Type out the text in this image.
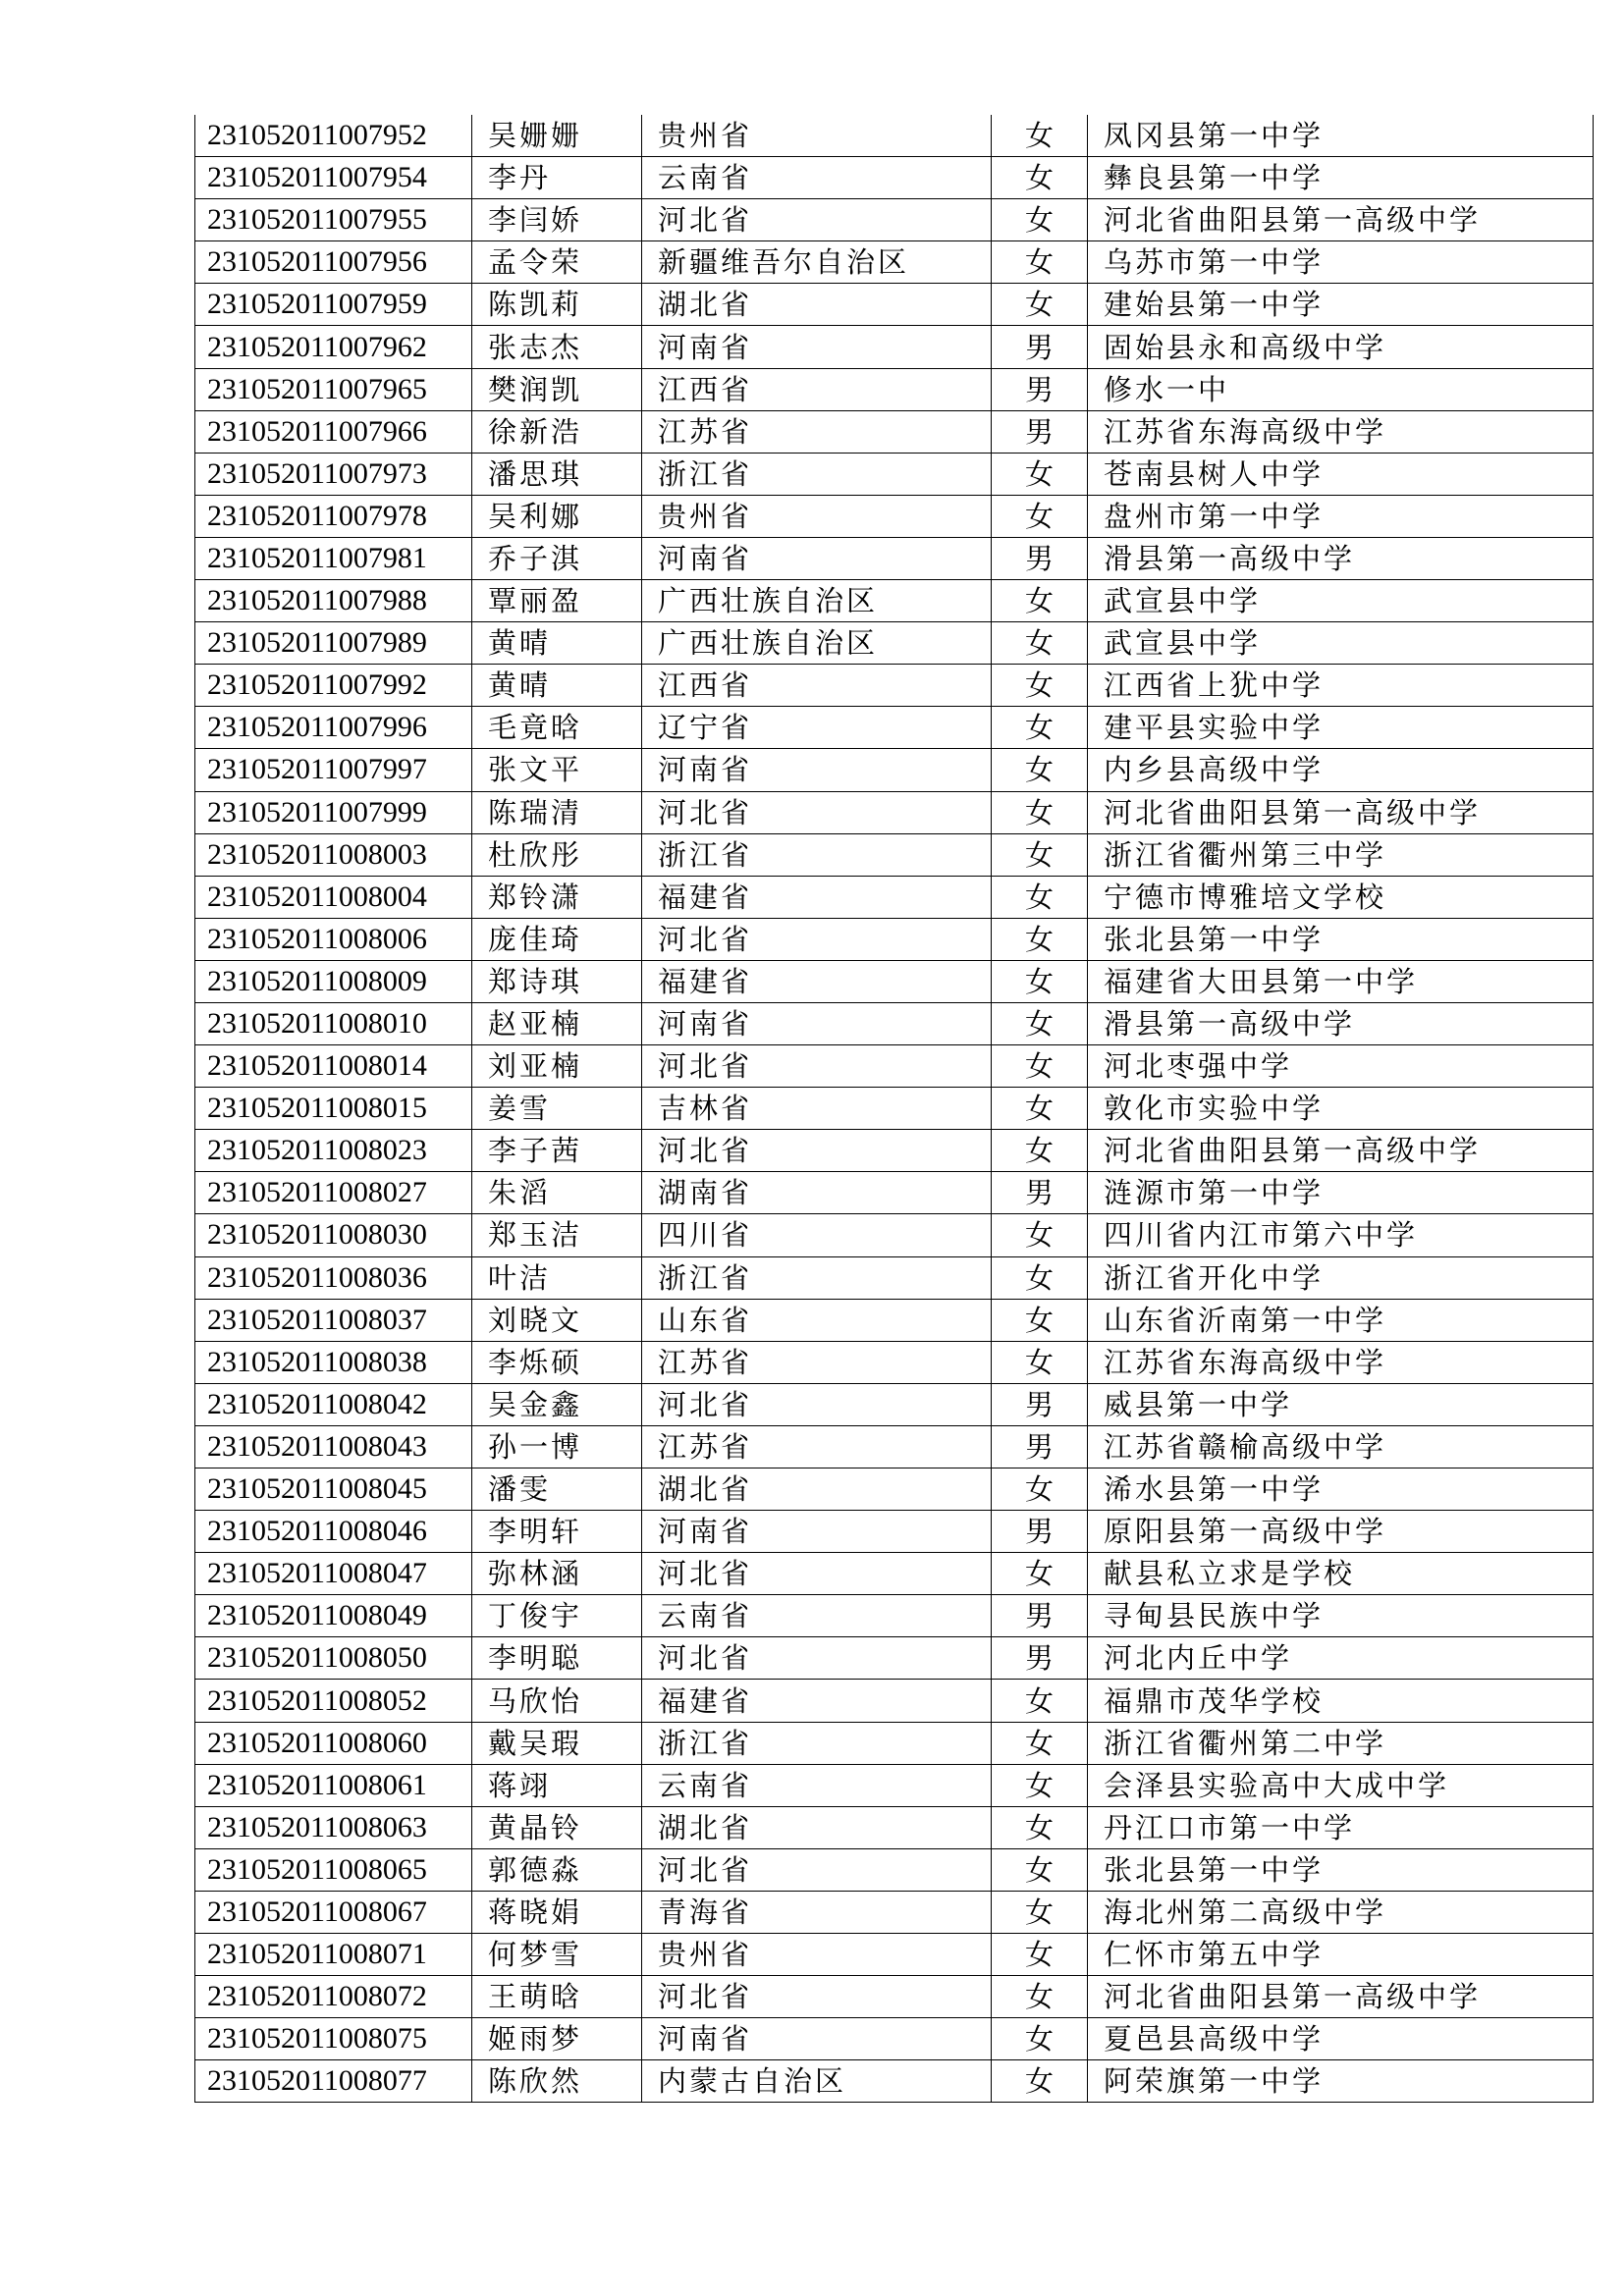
231052011007952	吴姗姗	贵州省	女	凤冈县第一中学
231052011007954	李丹	云南省	女	彝良县第一中学
231052011007955	李闫娇	河北省	女	河北省曲阳县第一高级中学
231052011007956	孟令荣	新疆维吾尔自治区	女	乌苏市第一中学
231052011007959	陈凯莉	湖北省	女	建始县第一中学
231052011007962	张志杰	河南省	男	固始县永和高级中学
231052011007965	樊润凯	江西省	男	修水一中
231052011007966	徐新浩	江苏省	男	江苏省东海高级中学
231052011007973	潘思琪	浙江省	女	苍南县树人中学
231052011007978	吴利娜	贵州省	女	盘州市第一中学
231052011007981	乔子淇	河南省	男	滑县第一高级中学
231052011007988	覃丽盈	广西壮族自治区	女	武宣县中学
231052011007989	黄晴	广西壮族自治区	女	武宣县中学
231052011007992	黄晴	江西省	女	江西省上犹中学
231052011007996	毛竟晗	辽宁省	女	建平县实验中学
231052011007997	张文平	河南省	女	内乡县高级中学
231052011007999	陈瑞清	河北省	女	河北省曲阳县第一高级中学
231052011008003	杜欣彤	浙江省	女	浙江省衢州第三中学
231052011008004	郑铃潇	福建省	女	宁德市博雅培文学校
231052011008006	庞佳琦	河北省	女	张北县第一中学
231052011008009	郑诗琪	福建省	女	福建省大田县第一中学
231052011008010	赵亚楠	河南省	女	滑县第一高级中学
231052011008014	刘亚楠	河北省	女	河北枣强中学
231052011008015	姜雪	吉林省	女	敦化市实验中学
231052011008023	李子茜	河北省	女	河北省曲阳县第一高级中学
231052011008027	朱滔	湖南省	男	涟源市第一中学
231052011008030	郑玉洁	四川省	女	四川省内江市第六中学
231052011008036	叶洁	浙江省	女	浙江省开化中学
231052011008037	刘晓文	山东省	女	山东省沂南第一中学
231052011008038	李烁硕	江苏省	女	江苏省东海高级中学
231052011008042	吴金鑫	河北省	男	威县第一中学
231052011008043	孙一博	江苏省	男	江苏省赣榆高级中学
231052011008045	潘雯	湖北省	女	浠水县第一中学
231052011008046	李明轩	河南省	男	原阳县第一高级中学
231052011008047	弥林涵	河北省	女	献县私立求是学校
231052011008049	丁俊宇	云南省	男	寻甸县民族中学
231052011008050	李明聪	河北省	男	河北内丘中学
231052011008052	马欣怡	福建省	女	福鼎市茂华学校
231052011008060	戴吴瑕	浙江省	女	浙江省衢州第二中学
231052011008061	蒋翊	云南省	女	会泽县实验高中大成中学
231052011008063	黄晶铃	湖北省	女	丹江口市第一中学
231052011008065	郭德淼	河北省	女	张北县第一中学
231052011008067	蒋晓娟	青海省	女	海北州第二高级中学
231052011008071	何梦雪	贵州省	女	仁怀市第五中学
231052011008072	王萌晗	河北省	女	河北省曲阳县第一高级中学
231052011008075	姬雨梦	河南省	女	夏邑县高级中学
231052011008077	陈欣然	内蒙古自治区	女	阿荣旗第一中学
